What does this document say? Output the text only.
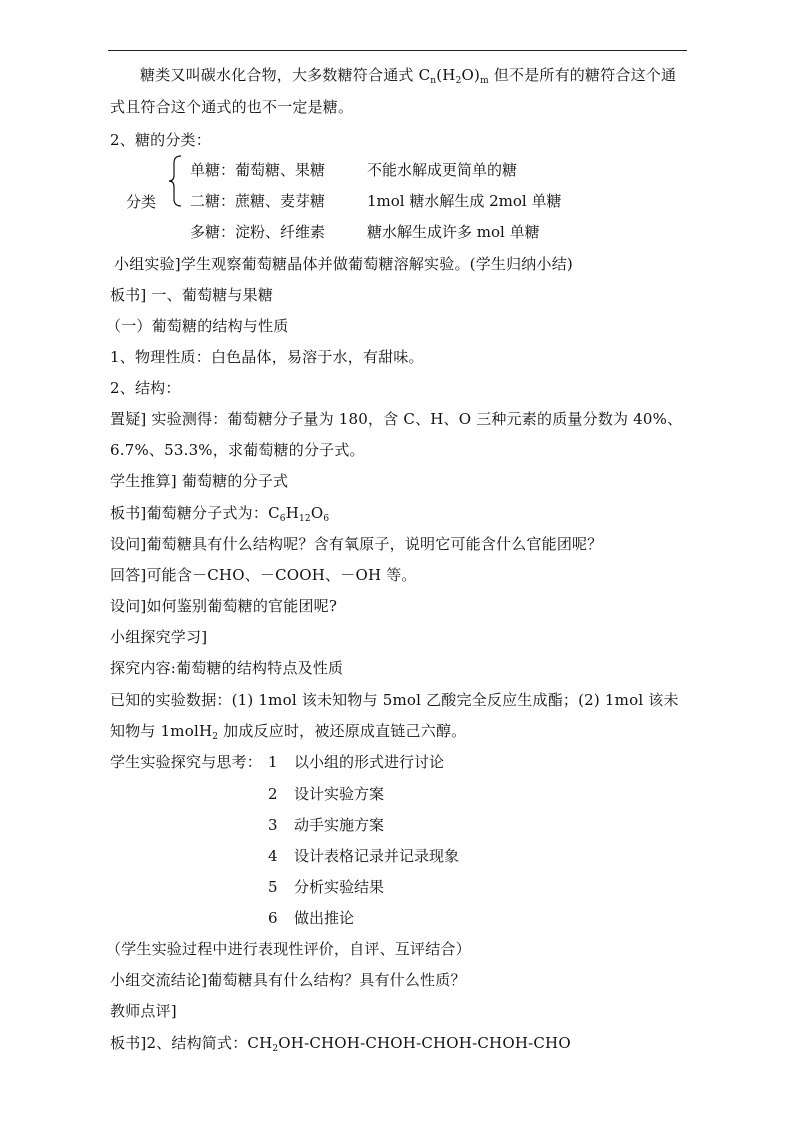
糖类又叫碳水化合物，大多数糖符合通式 $C_n(H_2O)_m$ 但不是所有的糖符合这个通
式且符合这个通式的也不一定是糖。
2、糖的分类：
分类
单糖：葡萄糖、果糖	不能水解成更简单的糖
二糖：蔗糖、麦芽糖	1mol 糖水解生成 2mol 单糖
多糖：淀粉、纤维素	糖水解生成许多 mol 单糖
小组实验]学生观察葡萄糖晶体并做葡萄糖溶解实验。(学生归纳小结)
板书] 一、葡萄糖与果糖
（一）葡萄糖的结构与性质
1、物理性质：白色晶体，易溶于水，有甜味。
2、结构：
置疑] 实验测得：葡萄糖分子量为 180，含 C、H、O 三种元素的质量分数为 40%、
6.7%、53.3%，求葡萄糖的分子式。
学生推算] 葡萄糖的分子式
板书]葡萄糖分子式为：$C_6H_{12}O_6$
设问]葡萄糖具有什么结构呢？含有氧原子，说明它可能含什么官能团呢？
回答]可能含－CHO、－COOH、－OH 等。
设问]如何鉴别葡萄糖的官能团呢?
小组探究学习]
探究内容:葡萄糖的结构特点及性质
已知的实验数据：(1) 1mol 该未知物与 5mol 乙酸完全反应生成酯；(2) 1mol 该未
知物与 1molH$_2$ 加成反应时，被还原成直链己六醇。
学生实验探究与思考： 1 以小组的形式进行讨论
2 设计实验方案
3 动手实施方案
4 设计表格记录并记录现象
5 分析实验结果
6 做出推论
（学生实验过程中进行表现性评价，自评、互评结合）
小组交流结论]葡萄糖具有什么结构？具有什么性质？
教师点评]
板书]2、结构简式：$CH_2OH-CHOH-CHOH-CHOH-CHOH$-CHO
